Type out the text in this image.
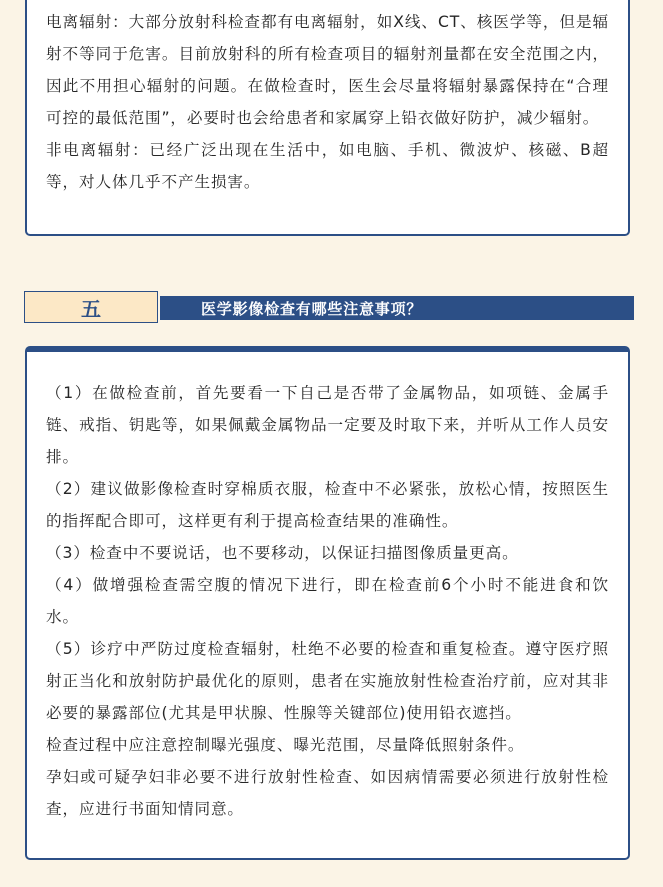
电离辐射：大部分放射科检查都有电离辐射，如X线、CT、核医学等，但是辐射不等同于危害。目前放射科的所有检查项目的辐射剂量都在安全范围之内，因此不用担心辐射的问题。在做检查时，医生会尽量将辐射暴露保持在“合理可控的最低范围”，必要时也会给患者和家属穿上铅衣做好防护，减少辐射。

非电离辐射：已经广泛出现在生活中，如电脑、手机、微波炉、核磁、B超等，对人体几乎不产生损害。

五	医学影像检查有哪些注意事项？

（1）在做检查前，首先要看一下自己是否带了金属物品，如项链、金属手链、戒指、钥匙等，如果佩戴金属物品一定要及时取下来，并听从工作人员安排。

（2）建议做影像检查时穿棉质衣服，检查中不必紧张，放松心情，按照医生的指挥配合即可，这样更有利于提高检查结果的准确性。

（3）检查中不要说话，也不要移动，以保证扫描图像质量更高。

（4）做增强检查需空腹的情况下进行，即在检查前6个小时不能进食和饮水。

（5）诊疗中严防过度检查辐射，杜绝不必要的检查和重复检查。遵守医疗照射正当化和放射防护最优化的原则，患者在实施放射性检查治疗前，应对其非必要的暴露部位(尤其是甲状腺、性腺等关键部位)使用铅衣遮挡。

检查过程中应注意控制曝光强度、曝光范围，尽量降低照射条件。

孕妇或可疑孕妇非必要不进行放射性检查、如因病情需要必须进行放射性检查，应进行书面知情同意。
